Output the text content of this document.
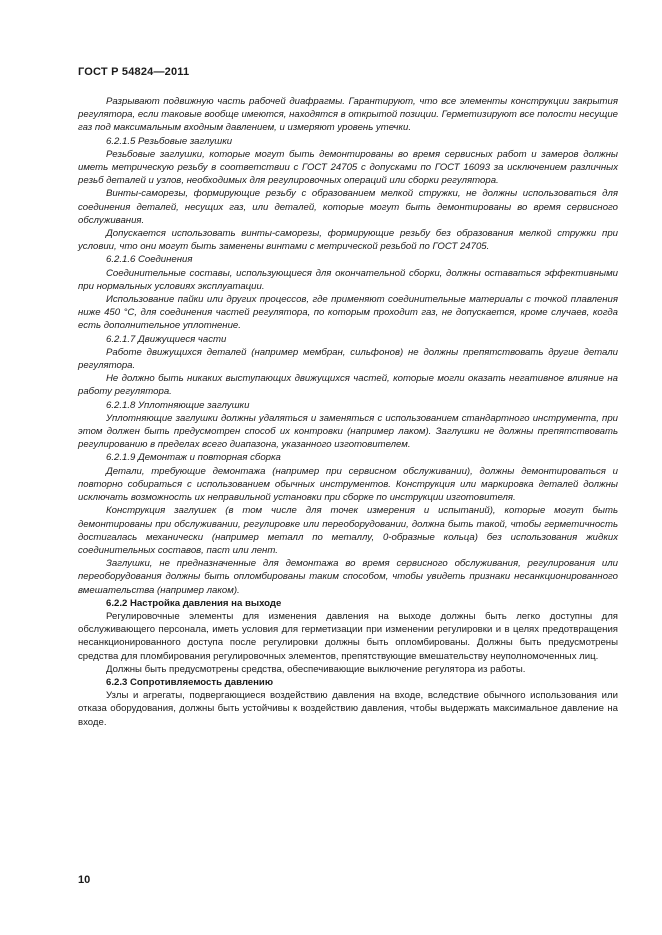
ГОСТ Р 54824—2011

Разрывают подвижную часть рабочей диафрагмы. Гарантируют, что все элементы конструкции закрытия регулятора, если таковые вообще имеются, находятся в открытой позиции. Герметизируют все полости несущие газ под максимальным входным давлением, и измеряют уровень утечки.

6.2.1.5 Резьбовые заглушки

Резьбовые заглушки, которые могут быть демонтированы во время сервисных работ и замеров должны иметь метрическую резьбу в соответствии с ГОСТ 24705 с допусками по ГОСТ 16093 за исключением различных резьб деталей и узлов, необходимых для регулировочных операций или сборки регулятора.

Винты-саморезы, формирующие резьбу с образованием мелкой стружки, не должны использоваться для соединения деталей, несущих газ, или деталей, которые могут быть демонтированы во время сервисного обслуживания.

Допускается использовать винты-саморезы, формирующие резьбу без образования мелкой стружки при условии, что они могут быть заменены винтами с метрической резьбой по ГОСТ 24705.

6.2.1.6 Соединения

Соединительные составы, использующиеся для окончательной сборки, должны оставаться эффективными при нормальных условиях эксплуатации.

Использование пайки или других процессов, где применяют соединительные материалы с точкой плавления ниже 450 °С, для соединения частей регулятора, по которым проходит газ, не допускается, кроме случаев, когда есть дополнительное уплотнение.

6.2.1.7 Движущиеся части

Работе движущихся деталей (например мембран, сильфонов) не должны препятствовать другие детали регулятора.

Не должно быть никаких выступающих движущихся частей, которые могли оказать негативное влияние на работу регулятора.

6.2.1.8 Уплотняющие заглушки

Уплотняющие заглушки должны удаляться и заменяться с использованием стандартного инструмента, при этом должен быть предусмотрен способ их контровки (например лаком). Заглушки не должны препятствовать регулированию в пределах всего диапазона, указанного изготовителем.

6.2.1.9 Демонтаж и повторная сборка

Детали, требующие демонтажа (например при сервисном обслуживании), должны демонтироваться и повторно собираться с использованием обычных инструментов. Конструкция или маркировка деталей должны исключать возможность их неправильной установки при сборке по инструкции изготовителя.

Конструкция заглушек (в том числе для точек измерения и испытаний), которые могут быть демонтированы при обслуживании, регулировке или переоборудовании, должна быть такой, чтобы герметичность достигалась механически (например металл по металлу, 0-образные кольца) без использования жидких соединительных составов, паст или лент.

Заглушки, не предназначенные для демонтажа во время сервисного обслуживания, регулирования или переоборудования должны быть опломбированы таким способом, чтобы увидеть признаки несанкционированного вмешательства (например лаком).

6.2.2 Настройка давления на выходе

Регулировочные элементы для изменения давления на выходе должны быть легко доступны для обслуживающего персонала, иметь условия для герметизации при изменении регулировки и в целях предотвращения несанкционированного доступа после регулировки должны быть опломбированы. Должны быть предусмотрены средства для пломбирования регулировочных элементов, препятствующие вмешательству неуполномоченных лиц.

Должны быть предусмотрены средства, обеспечивающие выключение регулятора из работы.

6.2.3 Сопротивляемость давлению

Узлы и агрегаты, подвергающиеся воздействию давления на входе, вследствие обычного использования или отказа оборудования, должны быть устойчивы к воздействию давления, чтобы выдержать максимальное давление на входе.

10
